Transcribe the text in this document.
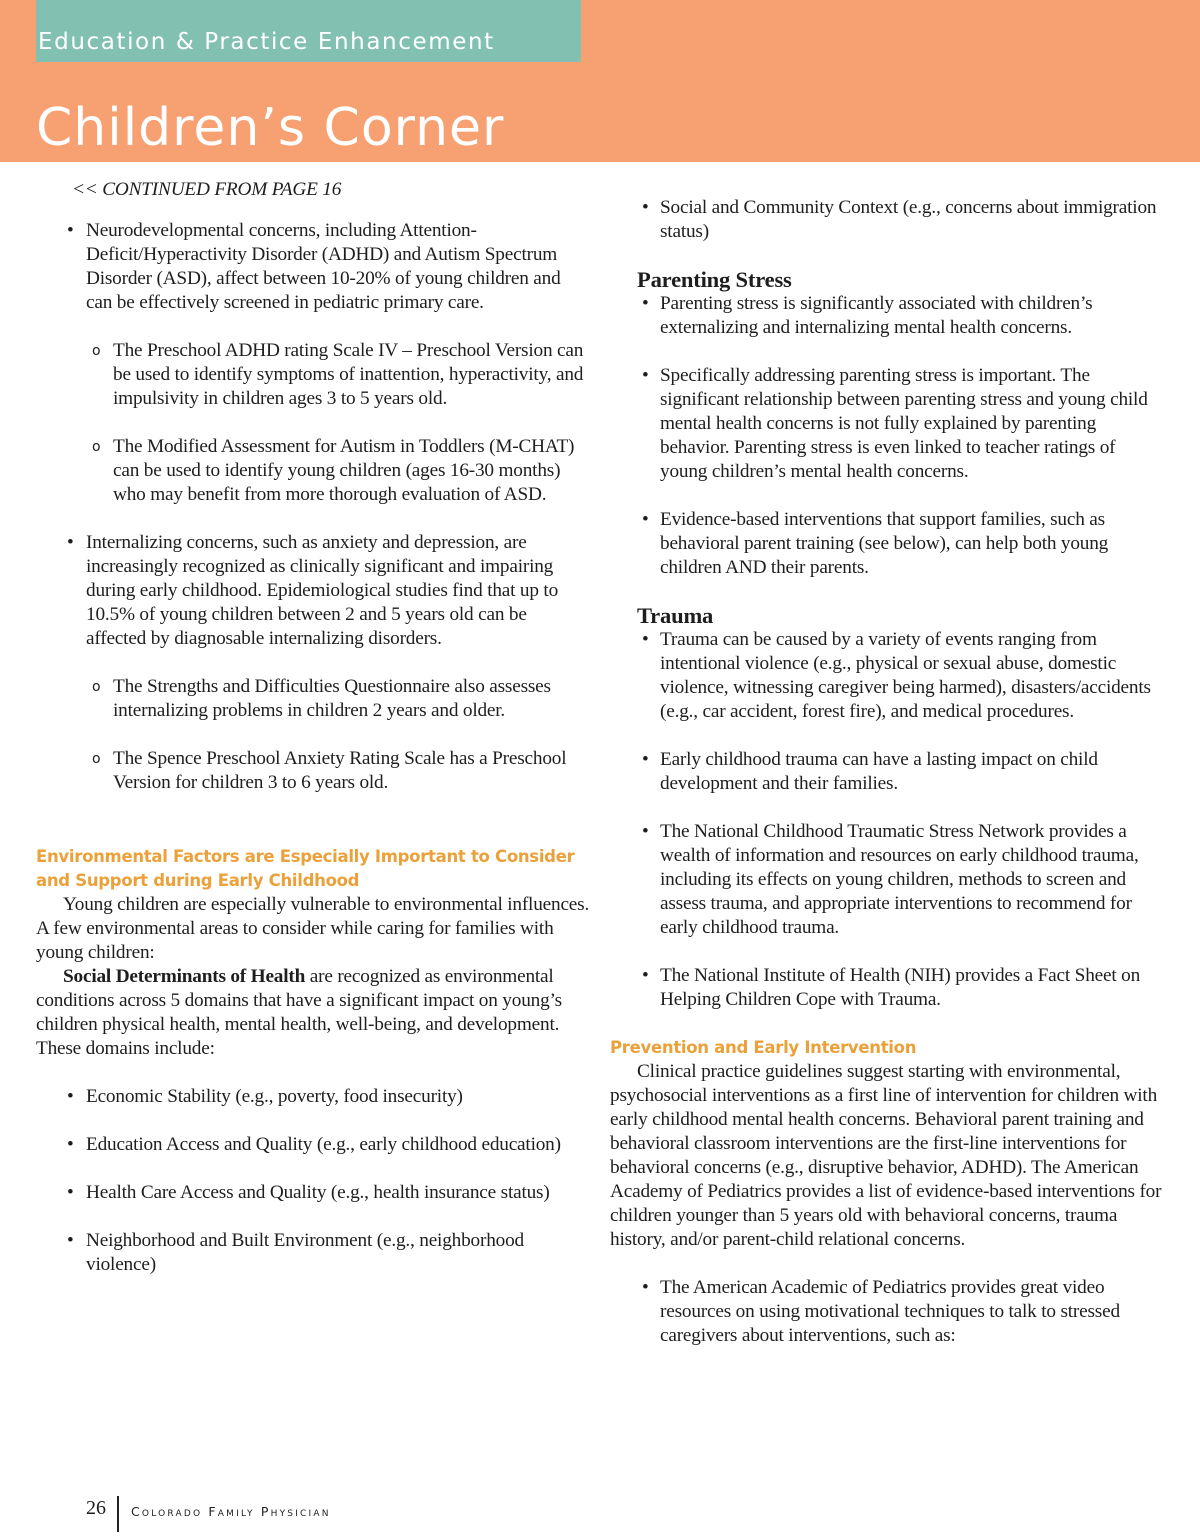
Education & Practice Enhancement
Children’s Corner

<< CONTINUED FROM PAGE 16

• Neurodevelopmental concerns, including Attention-Deficit/Hyperactivity Disorder (ADHD) and Autism Spectrum Disorder (ASD), affect between 10-20% of young children and can be effectively screened in pediatric primary care.
o The Preschool ADHD rating Scale IV – Preschool Version can be used to identify symptoms of inattention, hyperactivity, and impulsivity in children ages 3 to 5 years old.
o The Modified Assessment for Autism in Toddlers (M-CHAT) can be used to identify young children (ages 16-30 months) who may benefit from more thorough evaluation of ASD.
• Internalizing concerns, such as anxiety and depression, are increasingly recognized as clinically significant and impairing during early childhood. Epidemiological studies find that up to 10.5% of young children between 2 and 5 years old can be affected by diagnosable internalizing disorders.
o The Strengths and Difficulties Questionnaire also assesses internalizing problems in children 2 years and older.
o The Spence Preschool Anxiety Rating Scale has a Preschool Version for children 3 to 6 years old.
Environmental Factors are Especially Important to Consider and Support during Early Childhood

Young children are especially vulnerable to environmental influences. A few environmental areas to consider while caring for families with young children:

Social Determinants of Health are recognized as environmental conditions across 5 domains that have a significant impact on young’s children physical health, mental health, well-being, and development. These domains include:

• Economic Stability (e.g., poverty, food insecurity)
• Education Access and Quality (e.g., early childhood education)
• Health Care Access and Quality (e.g., health insurance status)
• Neighborhood and Built Environment (e.g., neighborhood violence)
• Social and Community Context (e.g., concerns about immigration status)
Parenting Stress
• Parenting stress is significantly associated with children’s externalizing and internalizing mental health concerns.
• Specifically addressing parenting stress is important. The significant relationship between parenting stress and young child mental health concerns is not fully explained by parenting behavior. Parenting stress is even linked to teacher ratings of young children’s mental health concerns.
• Evidence-based interventions that support families, such as behavioral parent training (see below), can help both young children AND their parents.
Trauma
• Trauma can be caused by a variety of events ranging from intentional violence (e.g., physical or sexual abuse, domestic violence, witnessing caregiver being harmed), disasters/accidents (e.g., car accident, forest fire), and medical procedures.
• Early childhood trauma can have a lasting impact on child development and their families.
• The National Childhood Traumatic Stress Network provides a wealth of information and resources on early childhood trauma, including its effects on young children, methods to screen and assess trauma, and appropriate interventions to recommend for early childhood trauma.
• The National Institute of Health (NIH) provides a Fact Sheet on Helping Children Cope with Trauma.
Prevention and Early Intervention

Clinical practice guidelines suggest starting with environmental, psychosocial interventions as a first line of intervention for children with early childhood mental health concerns. Behavioral parent training and behavioral classroom interventions are the first-line interventions for behavioral concerns (e.g., disruptive behavior, ADHD). The American Academy of Pediatrics provides a list of evidence-based interventions for children younger than 5 years old with behavioral concerns, trauma history, and/or parent-child relational concerns.

• The American Academic of Pediatrics provides great video resources on using motivational techniques to talk to stressed caregivers about interventions, such as:
26 Colorado Family Physician
